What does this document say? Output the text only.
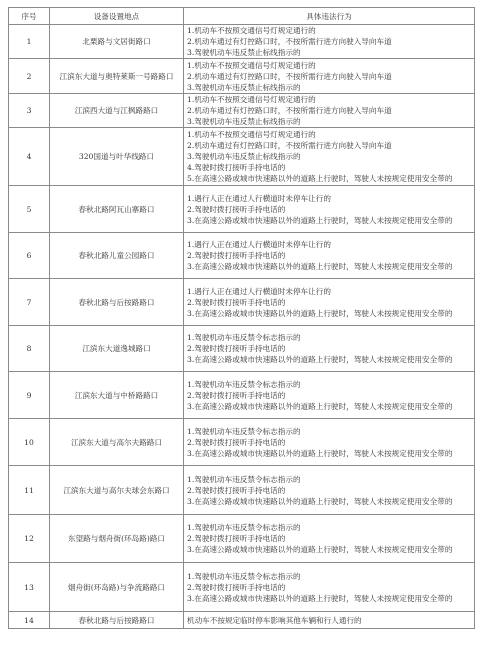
序号	设备设置地点	具体违法行为
1	北栗路与文居街路口	1.机动车不按照交通信号灯规定通行的
2.机动车通过有灯控路口时，不按所需行进方向驶入导向车道
3.驾驶机动车违反禁止标线指示的

2	江滨东大道与奥特莱斯一号路路口	1.机动车不按照交通信号灯规定通行的
2.机动车通过有灯控路口时，不按所需行进方向驶入导向车道
3.驾驶机动车违反禁止标线指示的

3	江滨西大道与江枫路路口	1.机动车不按照交通信号灯规定通行的
2.机动车通过有灯控路口时，不按所需行进方向驶入导向车道
3.驾驶机动车违反禁止标线指示的

4	320国道与叶华线路口	1.机动车不按照交通信号灯规定通行的
2.机动车通过有灯控路口时，不按所需行进方向驶入导向车道
3.驾驶机动车违反禁止标线指示的
4.驾驶时拨打接听手持电话的
5.在高速公路或城市快速路以外的道路上行驶时，驾驶人未按规定使用安全带的

5	春秋北路阿瓦山寨路口	1.遇行人正在通过人行横道时未停车让行的
2.驾驶时拨打接听手持电话的
3.在高速公路或城市快速路以外的道路上行驶时，驾驶人未按规定使用安全带的

6	春秋北路儿童公园路口	1.遇行人正在通过人行横道时未停车让行的
2.驾驶时拨打接听手持电话的
3.在高速公路或城市快速路以外的道路上行驶时，驾驶人未按规定使用安全带的

7	春秋北路与后按路路口	1.遇行人正在通过人行横道时未停车让行的
2.驾驶时拨打接听手持电话的
3.在高速公路或城市快速路以外的道路上行驶时，驾驶人未按规定使用安全带的

8	江滨东大道逸城路口	1.驾驶机动车违反禁令标志指示的
2.驾驶时拨打接听手持电话的
3.在高速公路或城市快速路以外的道路上行驶时，驾驶人未按规定使用安全带的

9	江滨东大道与中桥路路口	1.驾驶机动车违反禁令标志指示的
2.驾驶时拨打接听手持电话的
3.在高速公路或城市快速路以外的道路上行驶时，驾驶人未按规定使用安全带的

10	江滨东大道与高尔夫路路口	1.驾驶机动车违反禁令标志指示的
2.驾驶时拨打接听手持电话的
3.在高速公路或城市快速路以外的道路上行驶时，驾驶人未按规定使用安全带的

11	江滨东大道与高尔夫球会东路口	1.驾驶机动车违反禁令标志指示的
2.驾驶时拨打接听手持电话的
3.在高速公路或城市快速路以外的道路上行驶时，驾驶人未按规定使用安全带的

12	东望路与烟舟街(环岛路)路口	1.驾驶机动车违反禁令标志指示的
2.驾驶时拨打接听手持电话的
3.在高速公路或城市快速路以外的道路上行驶时，驾驶人未按规定使用安全带的

13	烟舟街(环岛路)与争流路路口	1.驾驶机动车违反禁令标志指示的
2.驾驶时拨打接听手持电话的
3.在高速公路或城市快速路以外的道路上行驶时，驾驶人未按规定使用安全带的

14	春秋北路与后按路路口	机动车不按规定临时停车影响其他车辆和行人通行的
